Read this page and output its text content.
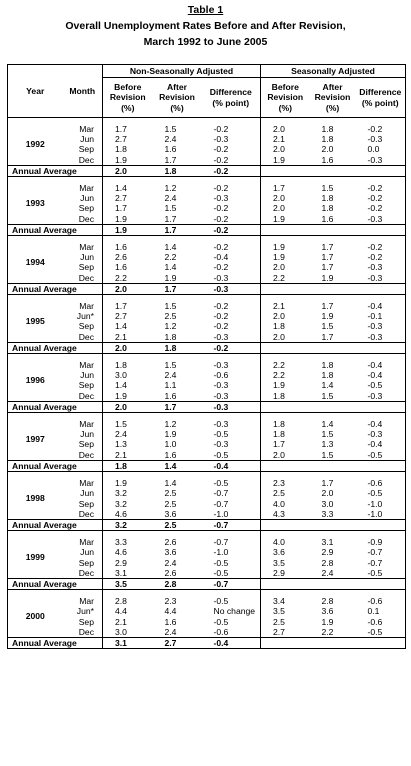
Table 1
Overall Unemployment Rates Before and After Revision,
March 1992 to June 2005
Year	Month	Non-Seasonally Adjusted			Seasonally Adjusted		
		Before
Revision
(%)	After
Revision
(%)	Difference
(% point)	Before
Revision
(%)	After
Revision
(%)	Difference
(% point)

1992	Mar	1.7	1.5	-0.2	2.0	1.8	-0.2
	Jun	2.7	2.4	-0.3	2.1	1.8	-0.3
	Sep	1.8	1.6	-0.2	2.0	2.0	0.0
	Dec	1.9	1.7	-0.2	1.9	1.6	-0.3
Annual Average		2.0	1.8	-0.2			

1993	Mar	1.4	1.2	-0.2	1.7	1.5	-0.2
	Jun	2.7	2.4	-0.3	2.0	1.8	-0.2
	Sep	1.7	1.5	-0.2	2.0	1.8	-0.2
	Dec	1.9	1.7	-0.2	1.9	1.6	-0.3
Annual Average		1.9	1.7	-0.2			

1994	Mar	1.6	1.4	-0.2	1.9	1.7	-0.2
	Jun	2.6	2.2	-0.4	1.9	1.7	-0.2
	Sep	1.6	1.4	-0.2	2.0	1.7	-0.3
	Dec	2.2	1.9	-0.3	2.2	1.9	-0.3
Annual Average		2.0	1.7	-0.3			

1995	Mar	1.7	1.5	-0.2	2.1	1.7	-0.4
	Jun*	2.7	2.5	-0.2	2.0	1.9	-0.1
	Sep	1.4	1.2	-0.2	1.8	1.5	-0.3
	Dec	2.1	1.8	-0.3	2.0	1.7	-0.3
Annual Average		2.0	1.8	-0.2			

1996	Mar	1.8	1.5	-0.3	2.2	1.8	-0.4
	Jun	3.0	2.4	-0.6	2.2	1.8	-0.4
	Sep	1.4	1.1	-0.3	1.9	1.4	-0.5
	Dec	1.9	1.6	-0.3	1.8	1.5	-0.3
Annual Average		2.0	1.7	-0.3			

1997	Mar	1.5	1.2	-0.3	1.8	1.4	-0.4
	Jun	2.4	1.9	-0.5	1.8	1.5	-0.3
	Sep	1.3	1.0	-0.3	1.7	1.3	-0.4
	Dec	2.1	1.6	-0.5	2.0	1.5	-0.5
Annual Average		1.8	1.4	-0.4			

1998	Mar	1.9	1.4	-0.5	2.3	1.7	-0.6
	Jun	3.2	2.5	-0.7	2.5	2.0	-0.5
	Sep	3.2	2.5	-0.7	4.0	3.0	-1.0
	Dec	4.6	3.6	-1.0	4.3	3.3	-1.0
Annual Average		3.2	2.5	-0.7			

1999	Mar	3.3	2.6	-0.7	4.0	3.1	-0.9
	Jun	4.6	3.6	-1.0	3.6	2.9	-0.7
	Sep	2.9	2.4	-0.5	3.5	2.8	-0.7
	Dec	3.1	2.6	-0.5	2.9	2.4	-0.5
Annual Average		3.5	2.8	-0.7			

2000	Mar	2.8	2.3	-0.5	3.4	2.8	-0.6
	Jun*	4.4	4.4	No change	3.5	3.6	0.1
	Sep	2.1	1.6	-0.5	2.5	1.9	-0.6
	Dec	3.0	2.4	-0.6	2.7	2.2	-0.5
Annual Average		3.1	2.7	-0.4			
